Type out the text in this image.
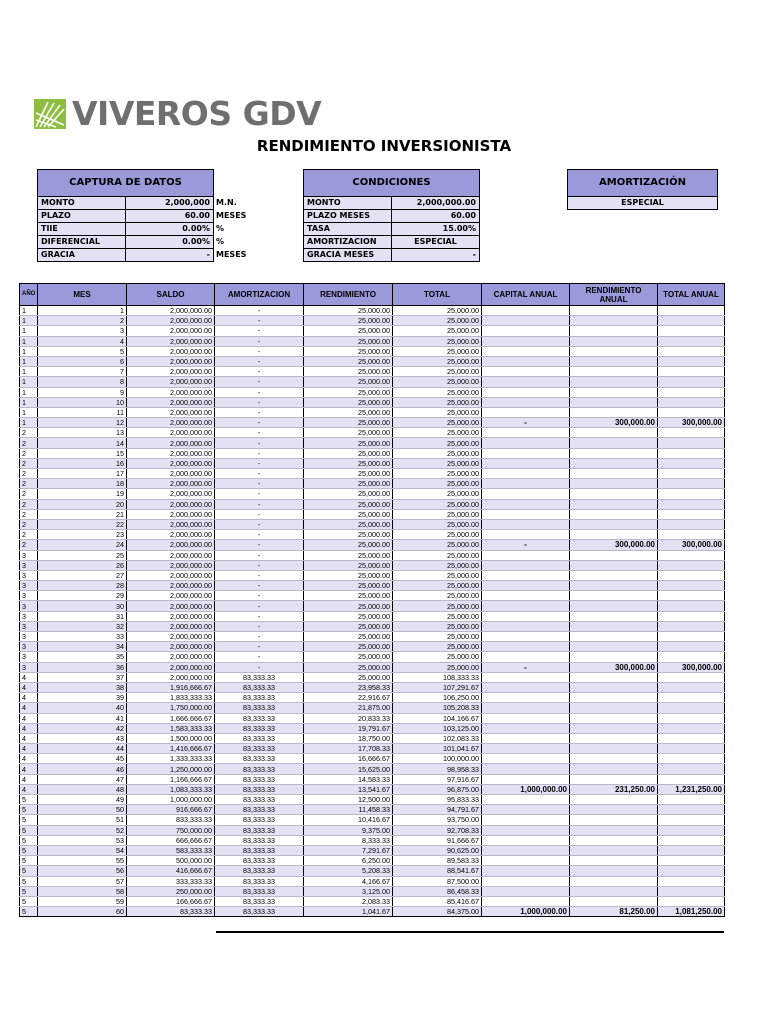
VIVEROS GDV
RENDIMIENTO INVERSIONISTA
CAPTURA DE DATOS		
MONTO	2,000,000	M.N.
PLAZO	60.00	MESES
TIIE	0.00%	%
DIFERENCIAL	0.00%	%
GRACIA	-	MESES
CONDICIONES	
MONTO	2,000,000.00
PLAZO MESES	60.00
TASA	15.00%
AMORTIZACION	ESPECIAL
GRACIA MESES	-
AMORTIZACIÓN
ESPECIAL
AÑO	MES	SALDO	AMORTIZACION	RENDIMIENTO	TOTAL	CAPITAL ANUAL	RENDIMIENTO ANUAL	TOTAL ANUAL
1	1	2,000,000.00	-	25,000.00	25,000.00			
1	2	2,000,000.00	-	25,000.00	25,000.00			
1	3	2,000,000.00	-	25,000.00	25,000.00			
1	4	2,000,000.00	-	25,000.00	25,000.00			
1	5	2,000,000.00	-	25,000.00	25,000.00			
1	6	2,000,000.00	-	25,000.00	25,000.00			
1	7	2,000,000.00	-	25,000.00	25,000.00			
1	8	2,000,000.00	-	25,000.00	25,000.00			
1	9	2,000,000.00	-	25,000.00	25,000.00			
1	10	2,000,000.00	-	25,000.00	25,000.00			
1	11	2,000,000.00	-	25,000.00	25,000.00			
1	12	2,000,000.00	-	25,000.00	25,000.00	-	300,000.00	300,000.00
2	13	2,000,000.00	-	25,000.00	25,000.00			
2	14	2,000,000.00	-	25,000.00	25,000.00			
2	15	2,000,000.00	-	25,000.00	25,000.00			
2	16	2,000,000.00	-	25,000.00	25,000.00			
2	17	2,000,000.00	-	25,000.00	25,000.00			
2	18	2,000,000.00	-	25,000.00	25,000.00			
2	19	2,000,000.00	-	25,000.00	25,000.00			
2	20	2,000,000.00	-	25,000.00	25,000.00			
2	21	2,000,000.00	-	25,000.00	25,000.00			
2	22	2,000,000.00	-	25,000.00	25,000.00			
2	23	2,000,000.00	-	25,000.00	25,000.00			
2	24	2,000,000.00	-	25,000.00	25,000.00	-	300,000.00	300,000.00
3	25	2,000,000.00	-	25,000.00	25,000.00			
3	26	2,000,000.00	-	25,000.00	25,000.00			
3	27	2,000,000.00	-	25,000.00	25,000.00			
3	28	2,000,000.00	-	25,000.00	25,000.00			
3	29	2,000,000.00	-	25,000.00	25,000.00			
3	30	2,000,000.00	-	25,000.00	25,000.00			
3	31	2,000,000.00	-	25,000.00	25,000.00			
3	32	2,000,000.00	-	25,000.00	25,000.00			
3	33	2,000,000.00	-	25,000.00	25,000.00			
3	34	2,000,000.00	-	25,000.00	25,000.00			
3	35	2,000,000.00	-	25,000.00	25,000.00			
3	36	2,000,000.00	-	25,000.00	25,000.00	-	300,000.00	300,000.00
4	37	2,000,000.00	83,333.33	25,000.00	108,333.33			
4	38	1,916,666.67	83,333.33	23,958.33	107,291.67			
4	39	1,833,333.33	83,333.33	22,916.67	106,250.00			
4	40	1,750,000.00	83,333.33	21,875.00	105,208.33			
4	41	1,666,666.67	83,333.33	20,833.33	104,166.67			
4	42	1,583,333.33	83,333.33	19,791.67	103,125.00			
4	43	1,500,000.00	83,333.33	18,750.00	102,083.33			
4	44	1,416,666.67	83,333.33	17,708.33	101,041.67			
4	45	1,333,333.33	83,333.33	16,666.67	100,000.00			
4	46	1,250,000.00	83,333.33	15,625.00	98,958.33			
4	47	1,166,666.67	83,333.33	14,583.33	97,916.67			
4	48	1,083,333.33	83,333.33	13,541.67	96,875.00	1,000,000.00	231,250.00	1,231,250.00
5	49	1,000,000.00	83,333.33	12,500.00	95,833.33			
5	50	916,666.67	83,333.33	11,458.33	94,791.67			
5	51	833,333.33	83,333.33	10,416.67	93,750.00			
5	52	750,000.00	83,333.33	9,375.00	92,708.33			
5	53	666,666.67	83,333.33	8,333.33	91,666.67			
5	54	583,333.33	83,333.33	7,291.67	90,625.00			
5	55	500,000.00	83,333.33	6,250.00	89,583.33			
5	56	416,666.67	83,333.33	5,208.33	88,541.67			
5	57	333,333.33	83,333.33	4,166.67	87,500.00			
5	58	250,000.00	83,333.33	3,125.00	86,458.33			
5	59	166,666.67	83,333.33	2,083.33	85,416.67			
5	60	83,333.33	83,333.33	1,041.67	84,375.00	1,000,000.00	81,250.00	1,081,250.00
